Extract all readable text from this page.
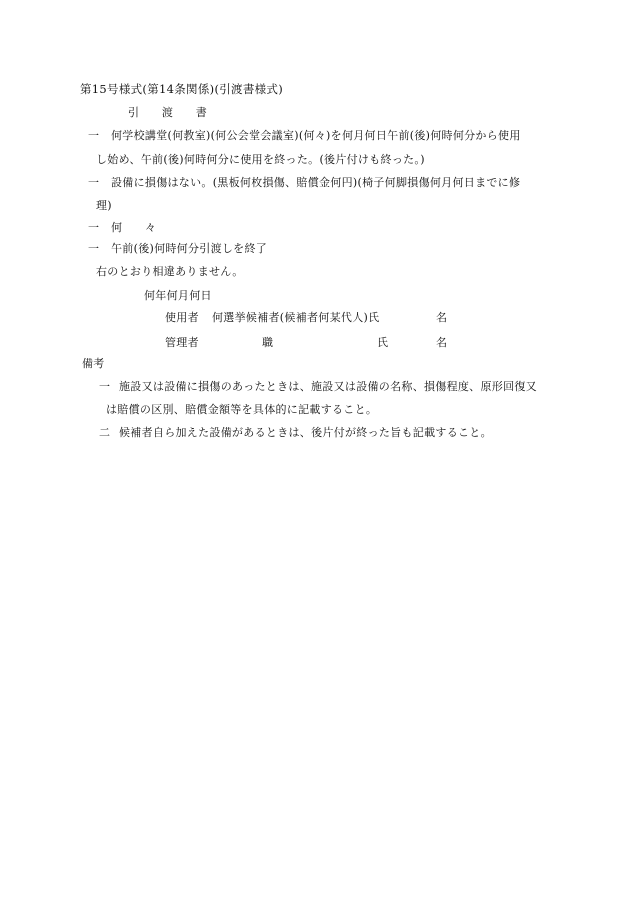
第15号様式(第14条関係)(引渡書様式)
引　　渡　　書
一 何学校講堂(何教室)(何公会堂会議室)(何々)を何月何日午前(後)何時何分から使用
し始め、午前(後)何時何分に使用を終った。(後片付けも終った。)
一 設備に損傷はない。(黒板何枚損傷、賠償金何円)(椅子何脚損傷何月何日までに修
理)
一 何　　々
一 午前(後)何時何分引渡しを終了
右のとおり相違ありません。
何年何月何日
使用者 何選挙候補者(候補者何某代人)氏	名
管理者	職	氏	名
備考
一 施設又は設備に損傷のあったときは、施設又は設備の名称、損傷程度、原形回復又
は賠償の区別、賠償金額等を具体的に記載すること。
二 候補者自ら加えた設備があるときは、後片付が終った旨も記載すること。
